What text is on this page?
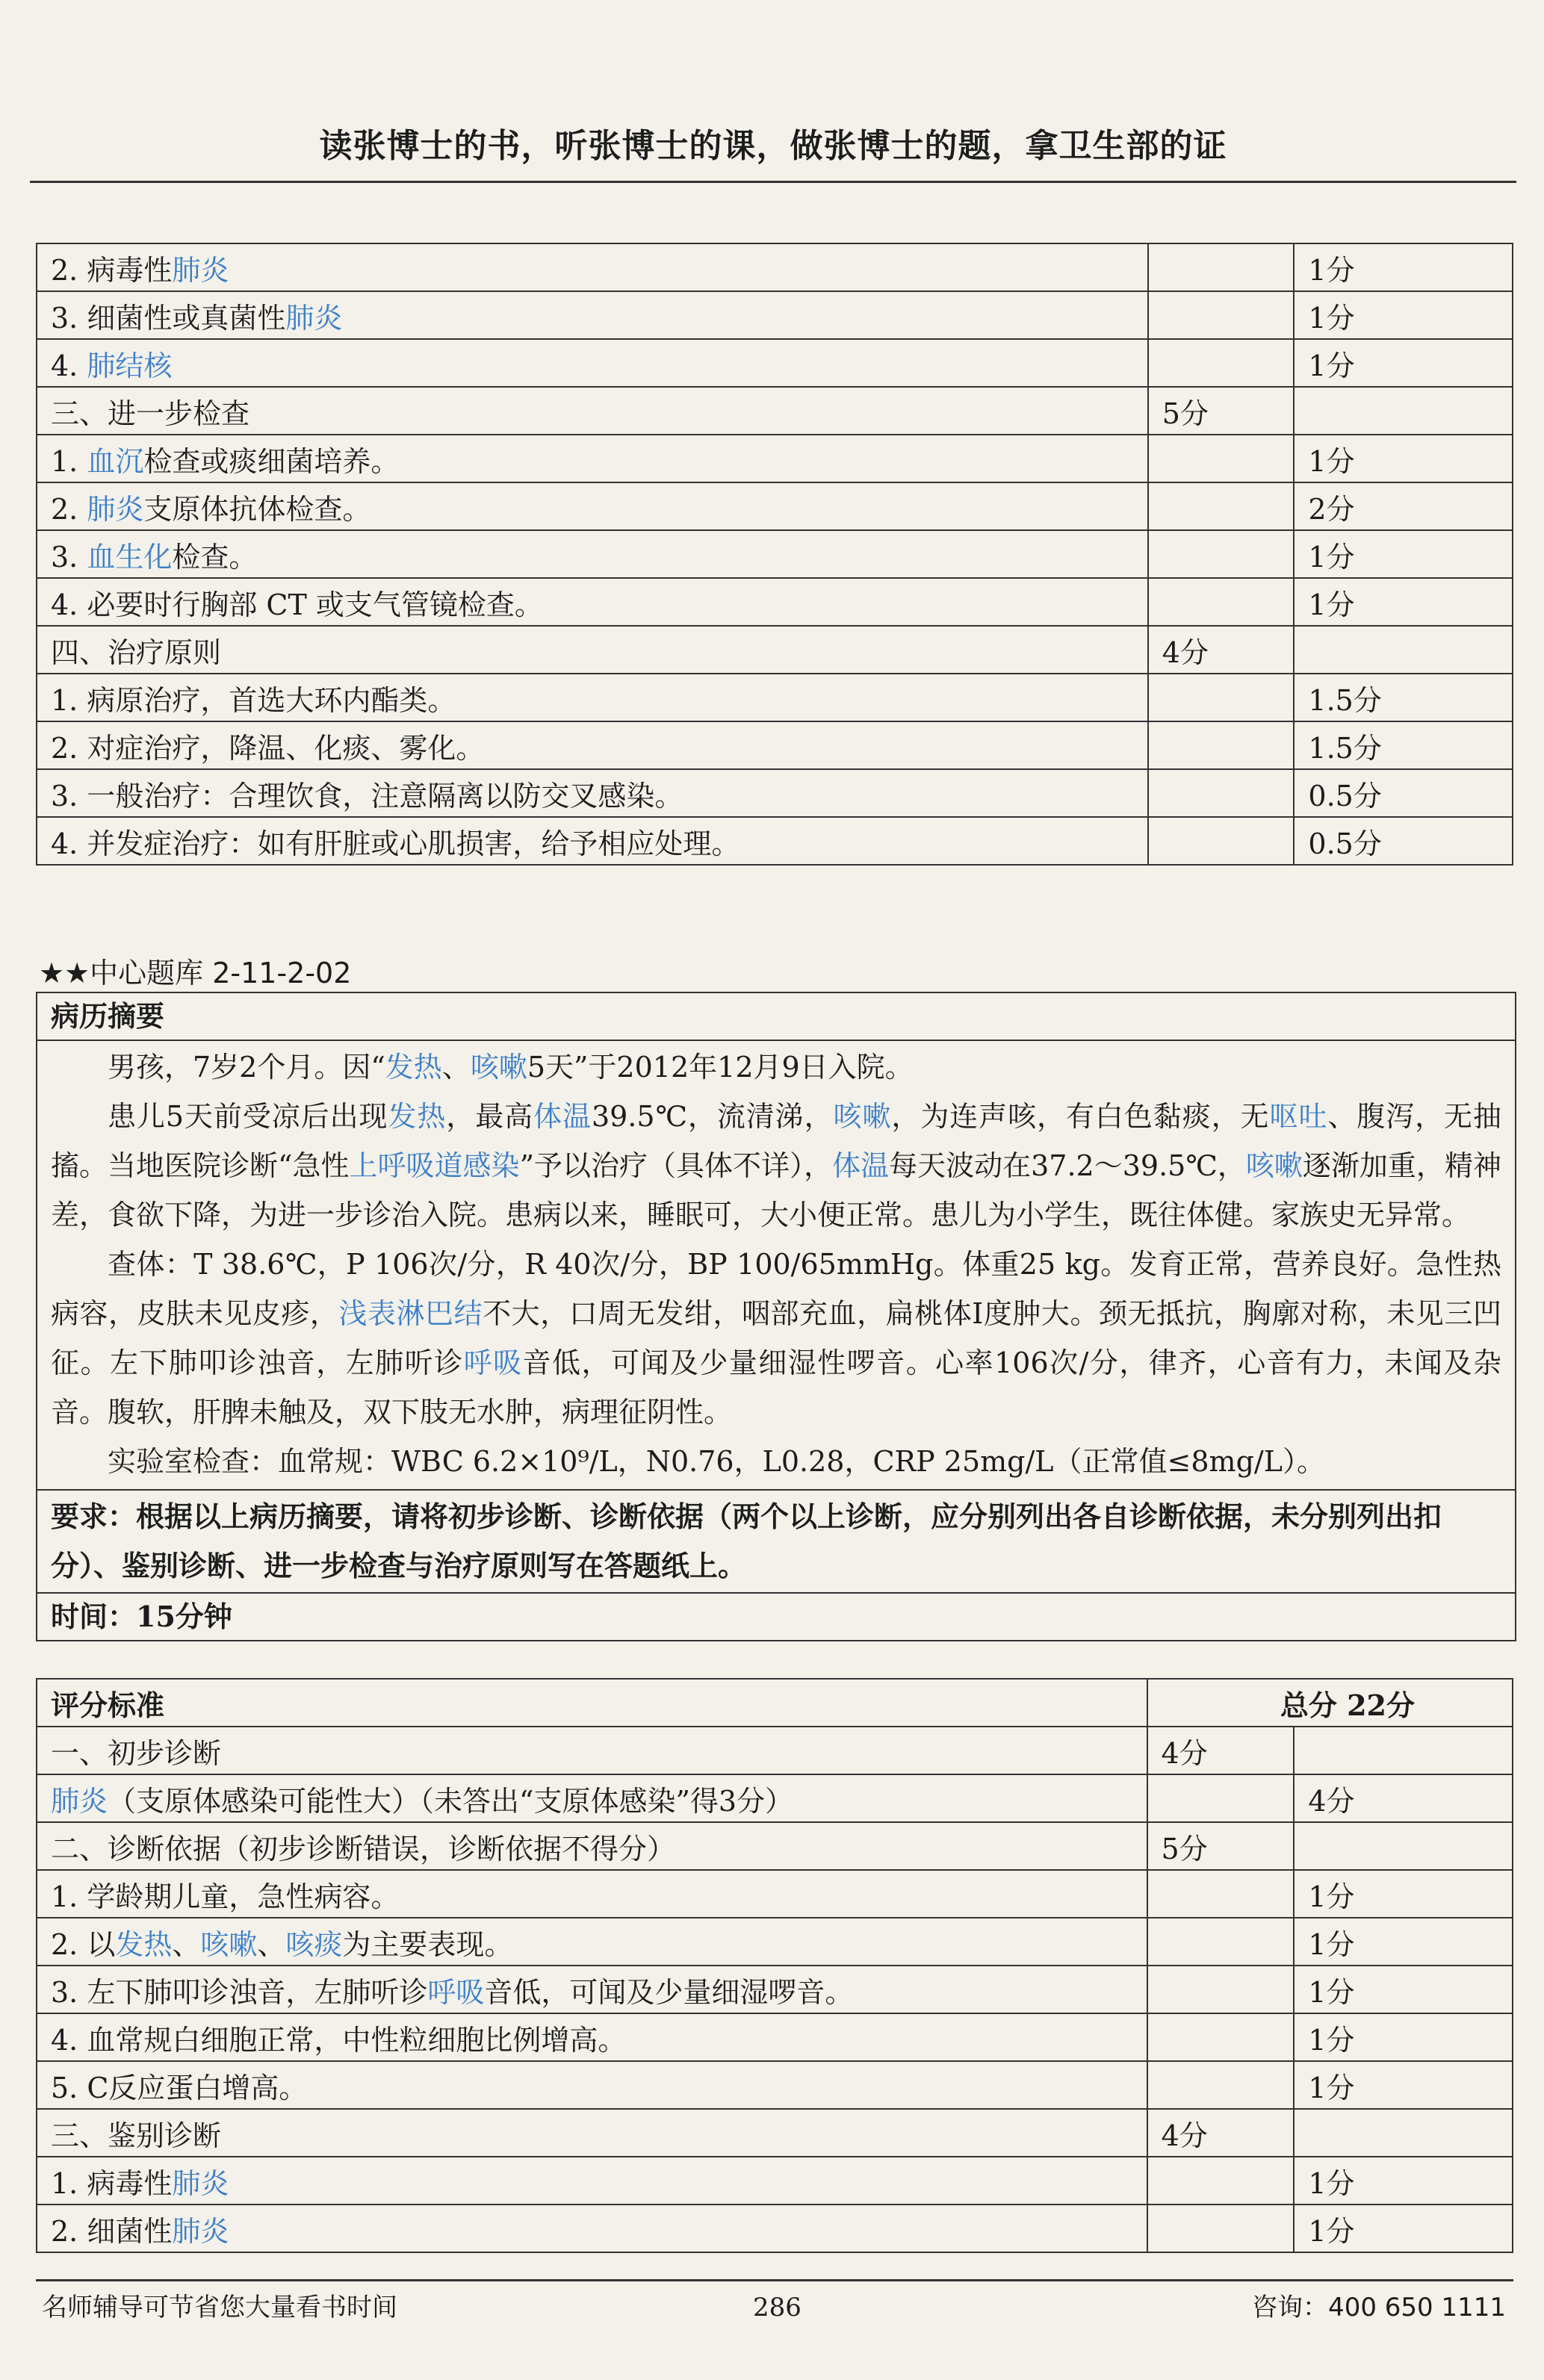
读张博士的书，听张博士的课，做张博士的题，拿卫生部的证
2. 病毒性肺炎		1分
3. 细菌性或真菌性肺炎		1分
4. 肺结核		1分
三、进一步检查	5分	
1. 血沉检查或痰细菌培养。		1分
2. 肺炎支原体抗体检查。		2分
3. 血生化检查。		1分
4. 必要时行胸部 CT 或支气管镜检查。		1分
四、治疗原则	4分	
1. 病原治疗，首选大环内酯类。		1.5分
2. 对症治疗，降温、化痰、雾化。		1.5分
3. 一般治疗：合理饮食，注意隔离以防交叉感染。		0.5分
4. 并发症治疗：如有肝脏或心肌损害，给予相应处理。		0.5分
★★中心题库 2-11-2-02
病历摘要

男孩，7岁2个月。因“发热、咳嗽5天”于2012年12月9日入院。

患儿5天前受凉后出现发热，最高体温39.5℃，流清涕，咳嗽，为连声咳，有白色黏痰，无呕吐、腹泻，无抽搐。当地医院诊断“急性上呼吸道感染”予以治疗（具体不详），体温每天波动在37.2～39.5℃，咳嗽逐渐加重，精神差，食欲下降，为进一步诊治入院。患病以来，睡眠可，大小便正常。患儿为小学生，既往体健。家族史无异常。

查体：T 38.6℃，P 106次/分，R 40次/分，BP 100/65mmHg。体重25 kg。发育正常，营养良好。急性热病容，皮肤未见皮疹，浅表淋巴结不大，口周无发绀，咽部充血，扁桃体Ⅰ度肿大。颈无抵抗，胸廓对称，未见三凹征。左下肺叩诊浊音，左肺听诊呼吸音低，可闻及少量细湿性啰音。心率106次/分，律齐，心音有力，未闻及杂音。腹软，肝脾未触及，双下肢无水肿，病理征阴性。

实验室检查：血常规：WBC 6.2×10⁹/L，N0.76，L0.28，CRP 25mg/L（正常值≤8mg/L）。

要求：根据以上病历摘要，请将初步诊断、诊断依据（两个以上诊断，应分别列出各自诊断依据，未分别列出扣分）、鉴别诊断、进一步检查与治疗原则写在答题纸上。
时间：15分钟
评分标准	总分 22分	
一、初步诊断	4分	
肺炎（支原体感染可能性大）（未答出“支原体感染”得3分）		4分
二、诊断依据（初步诊断错误，诊断依据不得分）	5分	
1. 学龄期儿童，急性病容。		1分
2. 以发热、咳嗽、咳痰为主要表现。		1分
3. 左下肺叩诊浊音，左肺听诊呼吸音低，可闻及少量细湿啰音。		1分
4. 血常规白细胞正常，中性粒细胞比例增高。		1分
5. C反应蛋白增高。		1分
三、鉴别诊断	4分	
1. 病毒性肺炎		1分
2. 细菌性肺炎		1分
名师辅导可节省您大量看书时间	286	咨询：400 650 1111
